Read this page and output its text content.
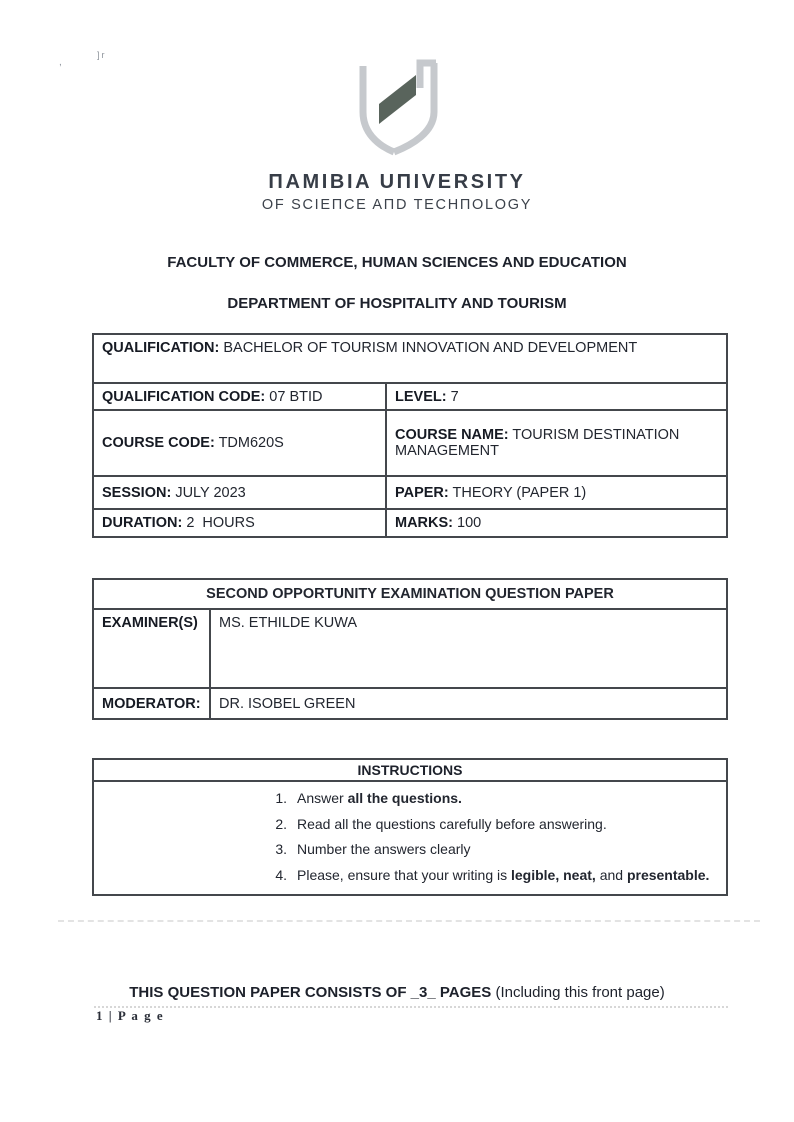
,
]r
ΠAMIBIA UΠIVERSITY
OF SCIEΠCE AΠD TECHΠOLOGY
FACULTY OF COMMERCE, HUMAN SCIENCES AND EDUCATION
DEPARTMENT OF HOSPITALITY AND TOURISM
QUALIFICATION: BACHELOR OF TOURISM INNOVATION AND DEVELOPMENT	
QUALIFICATION CODE: 07 BTID	LEVEL: 7
COURSE CODE: TDM620S	COURSE NAME: TOURISM DESTINATION MANAGEMENT
SESSION: JULY 2023	PAPER: THEORY (PAPER 1)
DURATION: 2  HOURS	MARKS: 100
SECOND OPPORTUNITY EXAMINATION QUESTION PAPER	
EXAMINER(S)	MS. ETHILDE KUWA
MODERATOR:	DR. ISOBEL GREEN
INSTRUCTIONS
1. Answer all the questions.
2. Read all the questions carefully before answering.
3. Number the answers clearly
4. Please, ensure that your writing is legible, neat, and presentable.
THIS QUESTION PAPER CONSISTS OF _3_ PAGES (Including this front page)
1 | P a g e
